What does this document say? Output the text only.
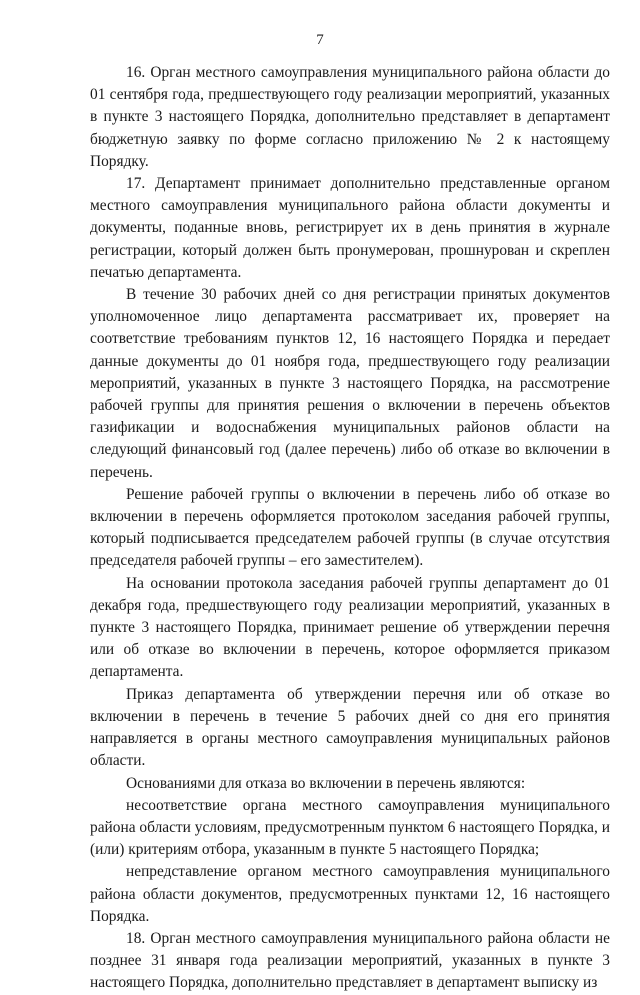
7

16. Орган местного самоуправления муниципального района области до 01 сентября года, предшествующего году реализации мероприятий, указанных в пункте 3 настоящего Порядка, дополнительно представляет в департамент бюджетную заявку по форме согласно приложению № 2 к настоящему Порядку.

17. Департамент принимает дополнительно представленные органом местного самоуправления муниципального района области документы и документы, поданные вновь, регистрирует их в день принятия в журнале регистрации, который должен быть пронумерован, прошнурован и скреплен печатью департамента.

В течение 30 рабочих дней со дня регистрации принятых документов уполномоченное лицо департамента рассматривает их, проверяет на соответствие требованиям пунктов 12, 16 настоящего Порядка и передает данные документы до 01 ноября года, предшествующего году реализации мероприятий, указанных в пункте 3 настоящего Порядка, на рассмотрение рабочей группы для принятия решения о включении в перечень объектов газификации и водоснабжения муниципальных районов области на следующий финансовый год (далее перечень) либо об отказе во включении в перечень.

Решение рабочей группы о включении в перечень либо об отказе во включении в перечень оформляется протоколом заседания рабочей группы, который подписывается председателем рабочей группы (в случае отсутствия председателя рабочей группы – его заместителем).

На основании протокола заседания рабочей группы департамент до 01 декабря года, предшествующего году реализации мероприятий, указанных в пункте 3 настоящего Порядка, принимает решение об утверждении перечня или об отказе во включении в перечень, которое оформляется приказом департамента.

Приказ департамента об утверждении перечня или об отказе во включении в перечень в течение 5 рабочих дней со дня его принятия направляется в органы местного самоуправления муниципальных районов области.

Основаниями для отказа во включении в перечень являются:

несоответствие органа местного самоуправления муниципального района области условиям, предусмотренным пунктом 6 настоящего Порядка, и (или) критериям отбора, указанным в пункте 5 настоящего Порядка;

непредставление органом местного самоуправления муниципального района области документов, предусмотренных пунктами 12, 16 настоящего Порядка.

18. Орган местного самоуправления муниципального района области не позднее 31 января года реализации мероприятий, указанных в пункте 3 настоящего Порядка, дополнительно представляет в департамент выписку из
